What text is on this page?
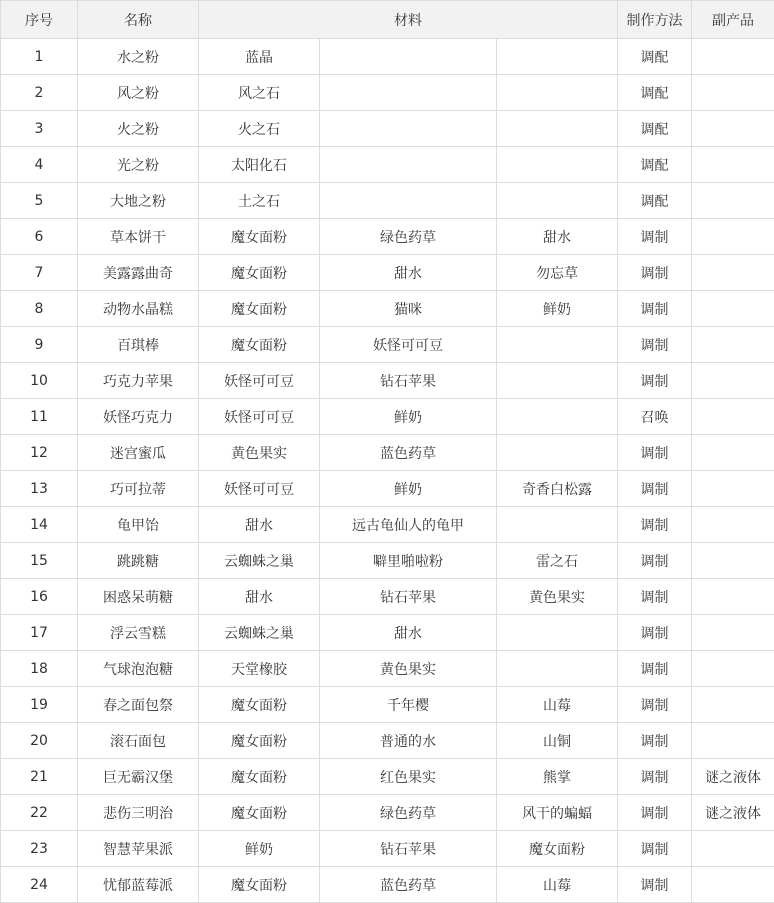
序号	名称	材料			制作方法	副产品
1	水之粉	蓝晶			调配	
2	风之粉	风之石			调配	
3	火之粉	火之石			调配	
4	光之粉	太阳化石			调配	
5	大地之粉	土之石			调配	
6	草本饼干	魔女面粉	绿色药草	甜水	调制	
7	美露露曲奇	魔女面粉	甜水	勿忘草	调制	
8	动物水晶糕	魔女面粉	猫咪	鲜奶	调制	
9	百琪棒	魔女面粉	妖怪可可豆		调制	
10	巧克力苹果	妖怪可可豆	钻石苹果		调制	
11	妖怪巧克力	妖怪可可豆	鲜奶		召唤	
12	迷宫蜜瓜	黄色果实	蓝色药草		调制	
13	巧可拉蒂	妖怪可可豆	鲜奶	奇香白松露	调制	
14	龟甲饴	甜水	远古龟仙人的龟甲		调制	
15	跳跳糖	云蜘蛛之巢	噼里啪啦粉	雷之石	调制	
16	困惑呆萌糖	甜水	钻石苹果	黄色果实	调制	
17	浮云雪糕	云蜘蛛之巢	甜水		调制	
18	气球泡泡糖	天堂橡胶	黄色果实		调制	
19	春之面包祭	魔女面粉	千年樱	山莓	调制	
20	滚石面包	魔女面粉	普通的水	山铜	调制	
21	巨无霸汉堡	魔女面粉	红色果实	熊掌	调制	谜之液体
22	悲伤三明治	魔女面粉	绿色药草	风干的蝙蝠	调制	谜之液体
23	智慧苹果派	鲜奶	钻石苹果	魔女面粉	调制	
24	忧郁蓝莓派	魔女面粉	蓝色药草	山莓	调制	
